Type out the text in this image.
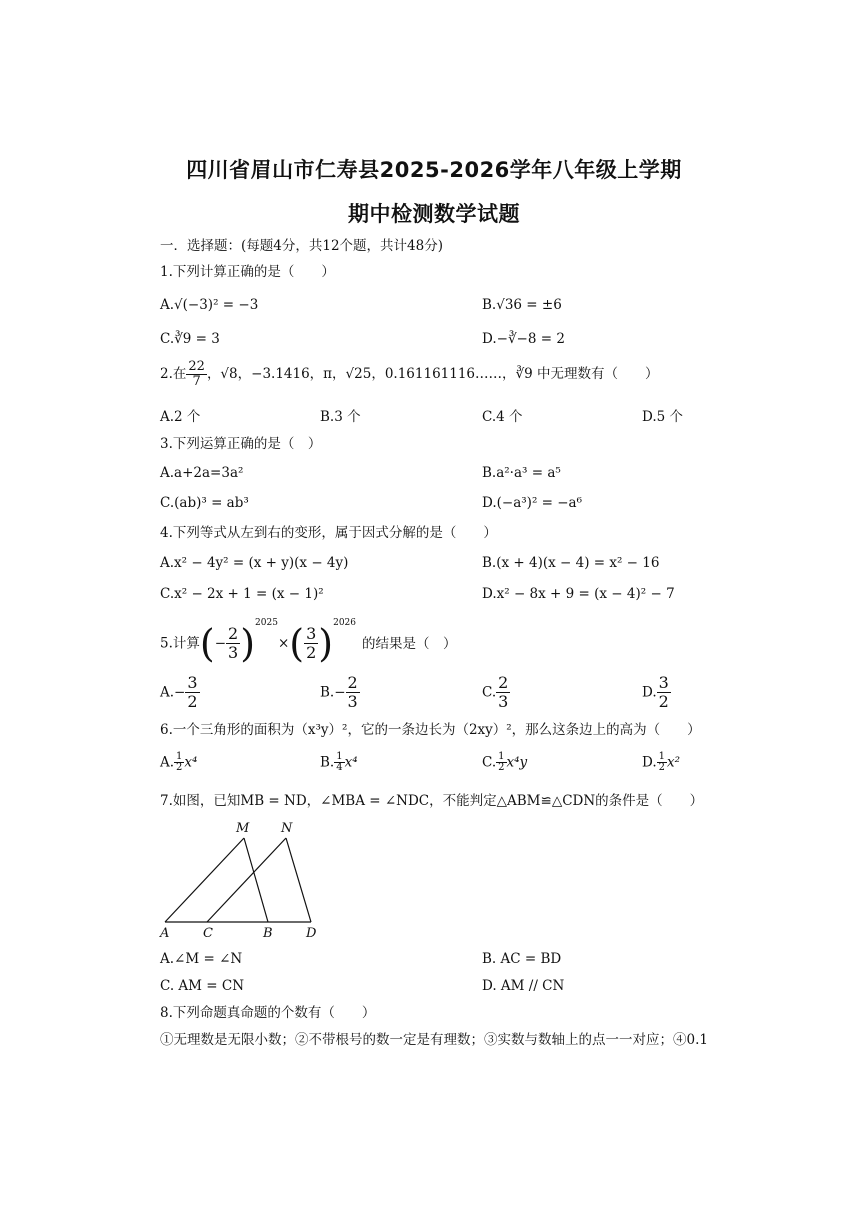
四川省眉山市仁寿县2025-2026学年八年级上学期
期中检测数学试题
一．选择题：(每题4分，共12个题，共计48分)
1.下列计算正确的是（　　）
A.√(−3)² = −3	B.√36 = ±6
C.∛9 = 3	D.−∛−8 = 2
2.在 $\frac{22}{7}$ ，√8，−3.1416，π，√25，0.161161116……，∛9 中无理数有（　　）
A.2 个	B.3 个	C.4 个	D.5 个
3.下列运算正确的是（　）
A.a+2a=3a²	B.a²·a³ = a⁵
C.(ab)³ = ab³	D.(−a³)² = −a⁶
4.下列等式从左到右的变形，属于因式分解的是（　　）
A.x² − 4y² = (x + y)(x − 4y)	B.(x + 4)(x − 4) = x² − 16
C.x² − 2x + 1 = (x − 1)²	D.x² − 8x + 9 = (x − 4)² − 7
5.计算(− $\frac{2}{3} )^{2025}\times( \frac{3}{2} )^{2026}$的结果是（　）
$A.- \frac{3}{2}$	$B.- \frac{2}{3}$	C. $\frac{2}{3}$	D. $\frac{3}{2}$
6.一个三角形的面积为（x³y）²，它的一条边长为（2xy）²，那么这条边上的高为（　　）
A. $\frac{1}{2} x^4$	B. $\frac{1}{4} x^4$	C. $\frac{1}{2} x^4y$	D. $\frac{1}{2} x^2$
7.如图，已知MB = ND，∠MBA = ∠NDC，不能判定△ABM≌△CDN的条件是（　　）
M N
A	C	B	D
A.∠M = ∠N	B. AC = BD
C. AM = CN	D. AM // CN
8.下列命题真命题的个数有（　　）
①无理数是无限小数；②不带根号的数一定是有理数；③实数与数轴上的点一一对应；④0.1
